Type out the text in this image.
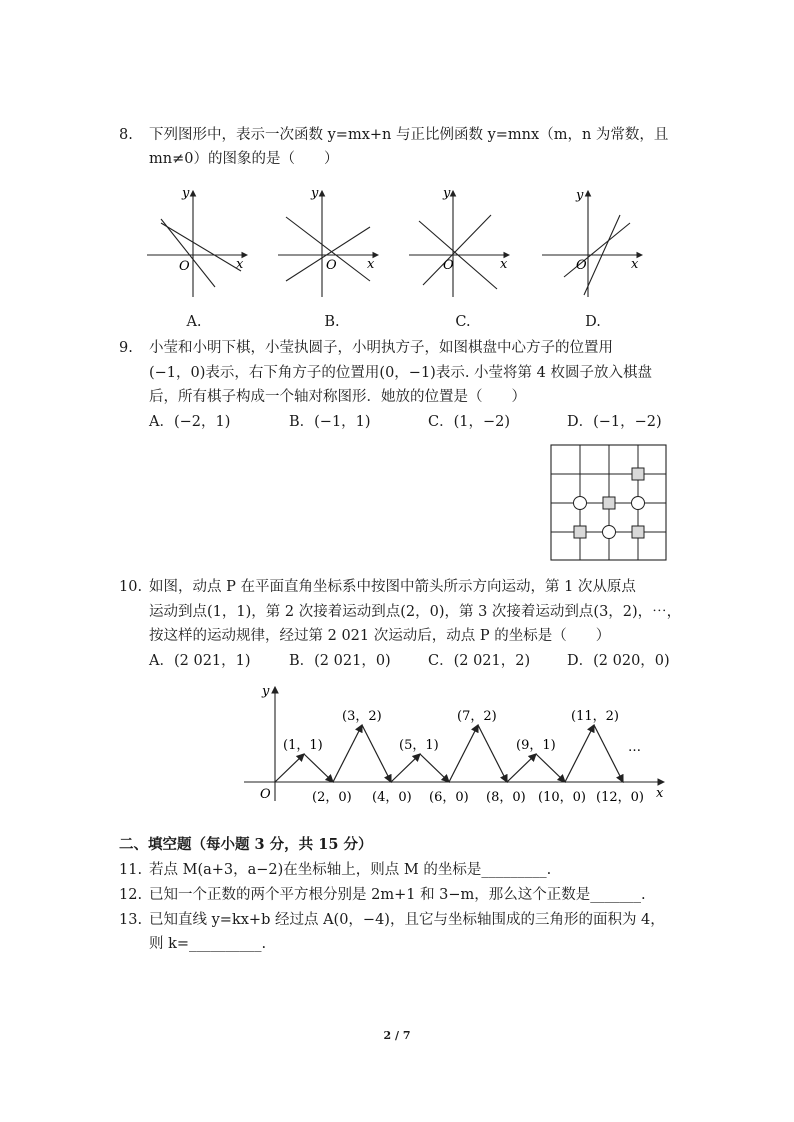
8. 下列图形中，表示一次函数 y=mx+n 与正比例函数 y=mnx（m，n 为常数，且
mn≠0）的图象的是（　　）
y
x
O
A.
y
x
O
B.
y
x
O
C.
y
x
O
D.
9. 小莹和小明下棋，小莹执圆子，小明执方子，如图棋盘中心方子的位置用
(−1，0)表示，右下角方子的位置用(0，−1)表示. 小莹将第 4 枚圆子放入棋盘
后，所有棋子构成一个轴对称图形．她放的位置是（　　）
A．(−2，1)	B．(−1，1)	C．(1，−2)	D．(−1，−2)
10. 如图，动点 P 在平面直角坐标系中按图中箭头所示方向运动，第 1 次从原点
运动到点(1，1)，第 2 次接着运动到点(2，0)，第 3 次接着运动到点(3，2)，⋯，
按这样的运动规律，经过第 2 021 次运动后，动点 P 的坐标是（　　）
A．(2 021，1)	B．(2 021，0)	C．(2 021，2)	D．(2 020，0)
y
x
O
(1，1)
(3，2)
(5，1)
(7，2)
(9，1)
(11，2)
…
(2，0) (4，0) (6，0) (8，0) (10，0) (12，0)
二、填空题（每小题 3 分，共 15 分）
11. 若点 M(a+3，a−2)在坐标轴上，则点 M 的坐标是_________.
12. 已知一个正数的两个平方根分别是 2m+1 和 3−m，那么这个正数是_______.
13. 已知直线 y=kx+b 经过点 A(0，−4)，且它与坐标轴围成的三角形的面积为 4，
则 k=__________.
2 / 7
